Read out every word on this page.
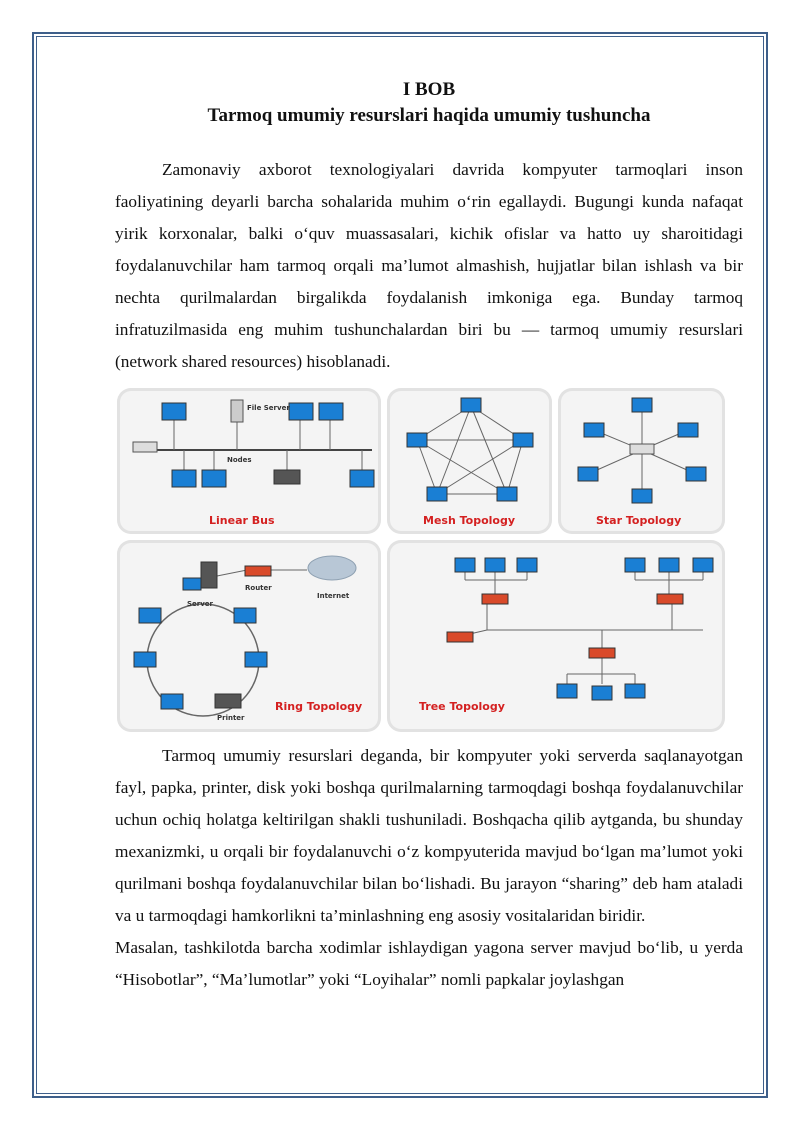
I BOB
Tarmoq umumiy resurslari haqida umumiy tushuncha

Zamonaviy axborot texnologiyalari davrida kompyuter tarmoqlari inson faoliyatining deyarli barcha sohalarida muhim o‘rin egallaydi. Bugungi kunda nafaqat yirik korxonalar, balki o‘quv muassasalari, kichik ofislar va hatto uy sharoitidagi foydalanuvchilar ham tarmoq orqali ma’lumot almashish, hujjatlar bilan ishlash va bir nechta qurilmalardan birgalikda foydalanish imkoniga ega. Bunday tarmoq infratuzilmasida eng muhim tushunchalardan biri bu — tarmoq umumiy resurslari (network shared resources) hisoblanadi.

File Server
Nodes
Linear Bus	Mesh Topology	Star Topology
Server
Router
Internet
Printer
Ring Topology	Tree Topology

Tarmoq umumiy resurslari deganda, bir kompyuter yoki serverda saqlanayotgan fayl, papka, printer, disk yoki boshqa qurilmalarning tarmoqdagi boshqa foydalanuvchilar uchun ochiq holatga keltirilgan shakli tushuniladi. Boshqacha qilib aytganda, bu shunday mexanizmki, u orqali bir foydalanuvchi o‘z kompyuterida mavjud bo‘lgan ma’lumot yoki qurilmani boshqa foydalanuvchilar bilan bo‘lishadi. Bu jarayon “sharing” deb ham ataladi va u tarmoqdagi hamkorlikni ta’minlashning eng asosiy vositalaridan biridir.

Masalan, tashkilotda barcha xodimlar ishlaydigan yagona server mavjud bo‘lib, u yerda “Hisobotlar”, “Ma’lumotlar” yoki “Loyihalar” nomli papkalar joylashgan
